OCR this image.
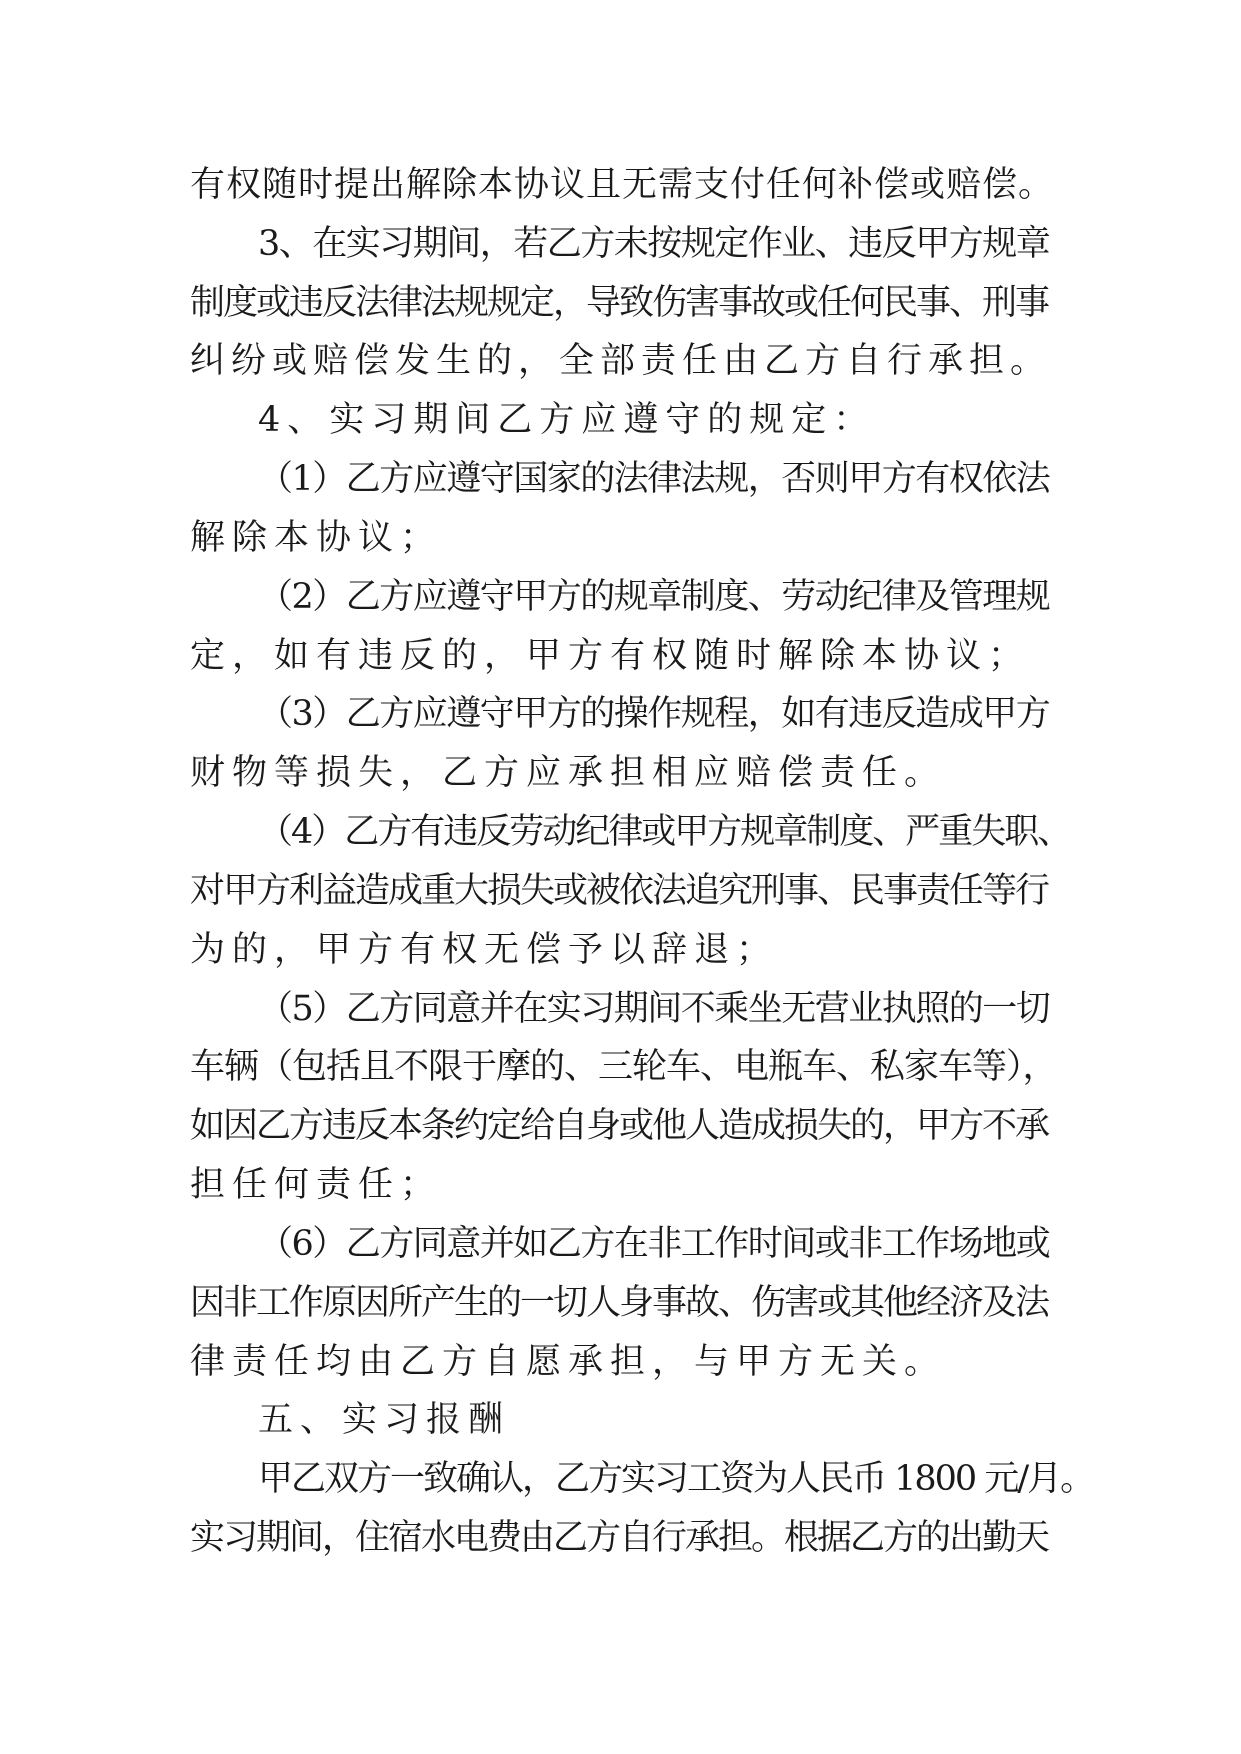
有权随时提出解除本协议且无需支付任何补偿或赔偿。
3、在实习期间，若乙方未按规定作业、违反甲方规章
制度或违反法律法规规定，导致伤害事故或任何民事、刑事
纠纷或赔偿发生的，全部责任由乙方自行承担。
4、实习期间乙方应遵守的规定：
（1）乙方应遵守国家的法律法规，否则甲方有权依法
解除本协议；
（2）乙方应遵守甲方的规章制度、劳动纪律及管理规
定，如有违反的，甲方有权随时解除本协议；
（3）乙方应遵守甲方的操作规程，如有违反造成甲方
财物等损失，乙方应承担相应赔偿责任。
（4）乙方有违反劳动纪律或甲方规章制度、严重失职、
对甲方利益造成重大损失或被依法追究刑事、民事责任等行
为的，甲方有权无偿予以辞退；
（5）乙方同意并在实习期间不乘坐无营业执照的一切
车辆（包括且不限于摩的、三轮车、电瓶车、私家车等），
如因乙方违反本条约定给自身或他人造成损失的，甲方不承
担任何责任；
（6）乙方同意并如乙方在非工作时间或非工作场地或
因非工作原因所产生的一切人身事故、伤害或其他经济及法
律责任均由乙方自愿承担，与甲方无关。
五、实习报酬
甲乙双方一致确认，乙方实习工资为人民币 1800 元/月。
实习期间，住宿水电费由乙方自行承担。根据乙方的出勤天
